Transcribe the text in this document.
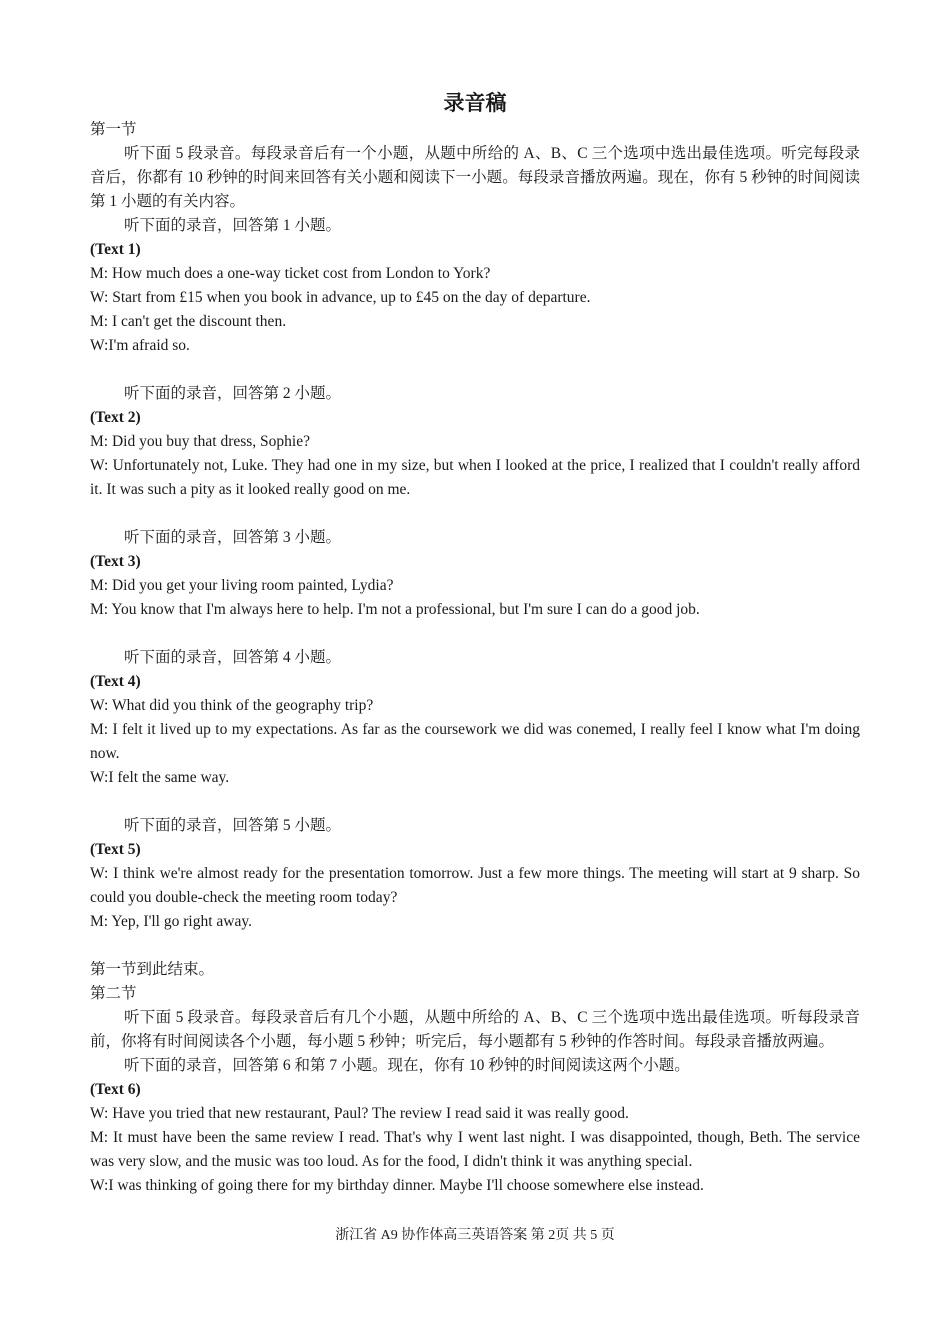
录音稿
第一节
听下面 5 段录音。每段录音后有一个小题，从题中所给的 A、B、C 三个选项中选出最佳选项。听完每段录音后，你都有 10 秒钟的时间来回答有关小题和阅读下一小题。每段录音播放两遍。现在，你有 5 秒钟的时间阅读第 1 小题的有关内容。
听下面的录音，回答第 1 小题。
(Text 1)
M: How much does a one-way ticket cost from London to York?
W: Start from £15 when you book in advance, up to £45 on the day of departure.
M: I can't get the discount then.
W:I'm afraid so.
听下面的录音，回答第 2 小题。
(Text 2)
M: Did you buy that dress, Sophie?
W: Unfortunately not, Luke. They had one in my size, but when I looked at the price, I realized that I couldn't really afford it. It was such a pity as it looked really good on me.
听下面的录音，回答第 3 小题。
(Text 3)
M: Did you get your living room painted, Lydia?
M: You know that I'm always here to help. I'm not a professional, but I'm sure I can do a good job.
听下面的录音，回答第 4 小题。
(Text 4)
W: What did you think of the geography trip?
M: I felt it lived up to my expectations. As far as the coursework we did was conemed, I really feel I know what I'm doing now.
W:I felt the same way.
听下面的录音，回答第 5 小题。
(Text 5)
W: I think we're almost ready for the presentation tomorrow. Just a few more things. The meeting will start at 9 sharp. So could you double-check the meeting room today?
M: Yep, I'll go right away.
第一节到此结束。
第二节
听下面 5 段录音。每段录音后有几个小题，从题中所给的 A、B、C 三个选项中选出最佳选项。听每段录音前，你将有时间阅读各个小题，每小题 5 秒钟；听完后，每小题都有 5 秒钟的作答时间。每段录音播放两遍。
听下面的录音，回答第 6 和第 7 小题。现在，你有 10 秒钟的时间阅读这两个小题。
(Text 6)
W: Have you tried that new restaurant, Paul? The review I read said it was really good.
M: It must have been the same review I read. That's why I went last night. I was disappointed, though, Beth. The service was very slow, and the music was too loud. As for the food, I didn't think it was anything special.
W:I was thinking of going there for my birthday dinner. Maybe I'll choose somewhere else instead.
浙江省 A9 协作体高三英语答案 第 2页 共 5 页
